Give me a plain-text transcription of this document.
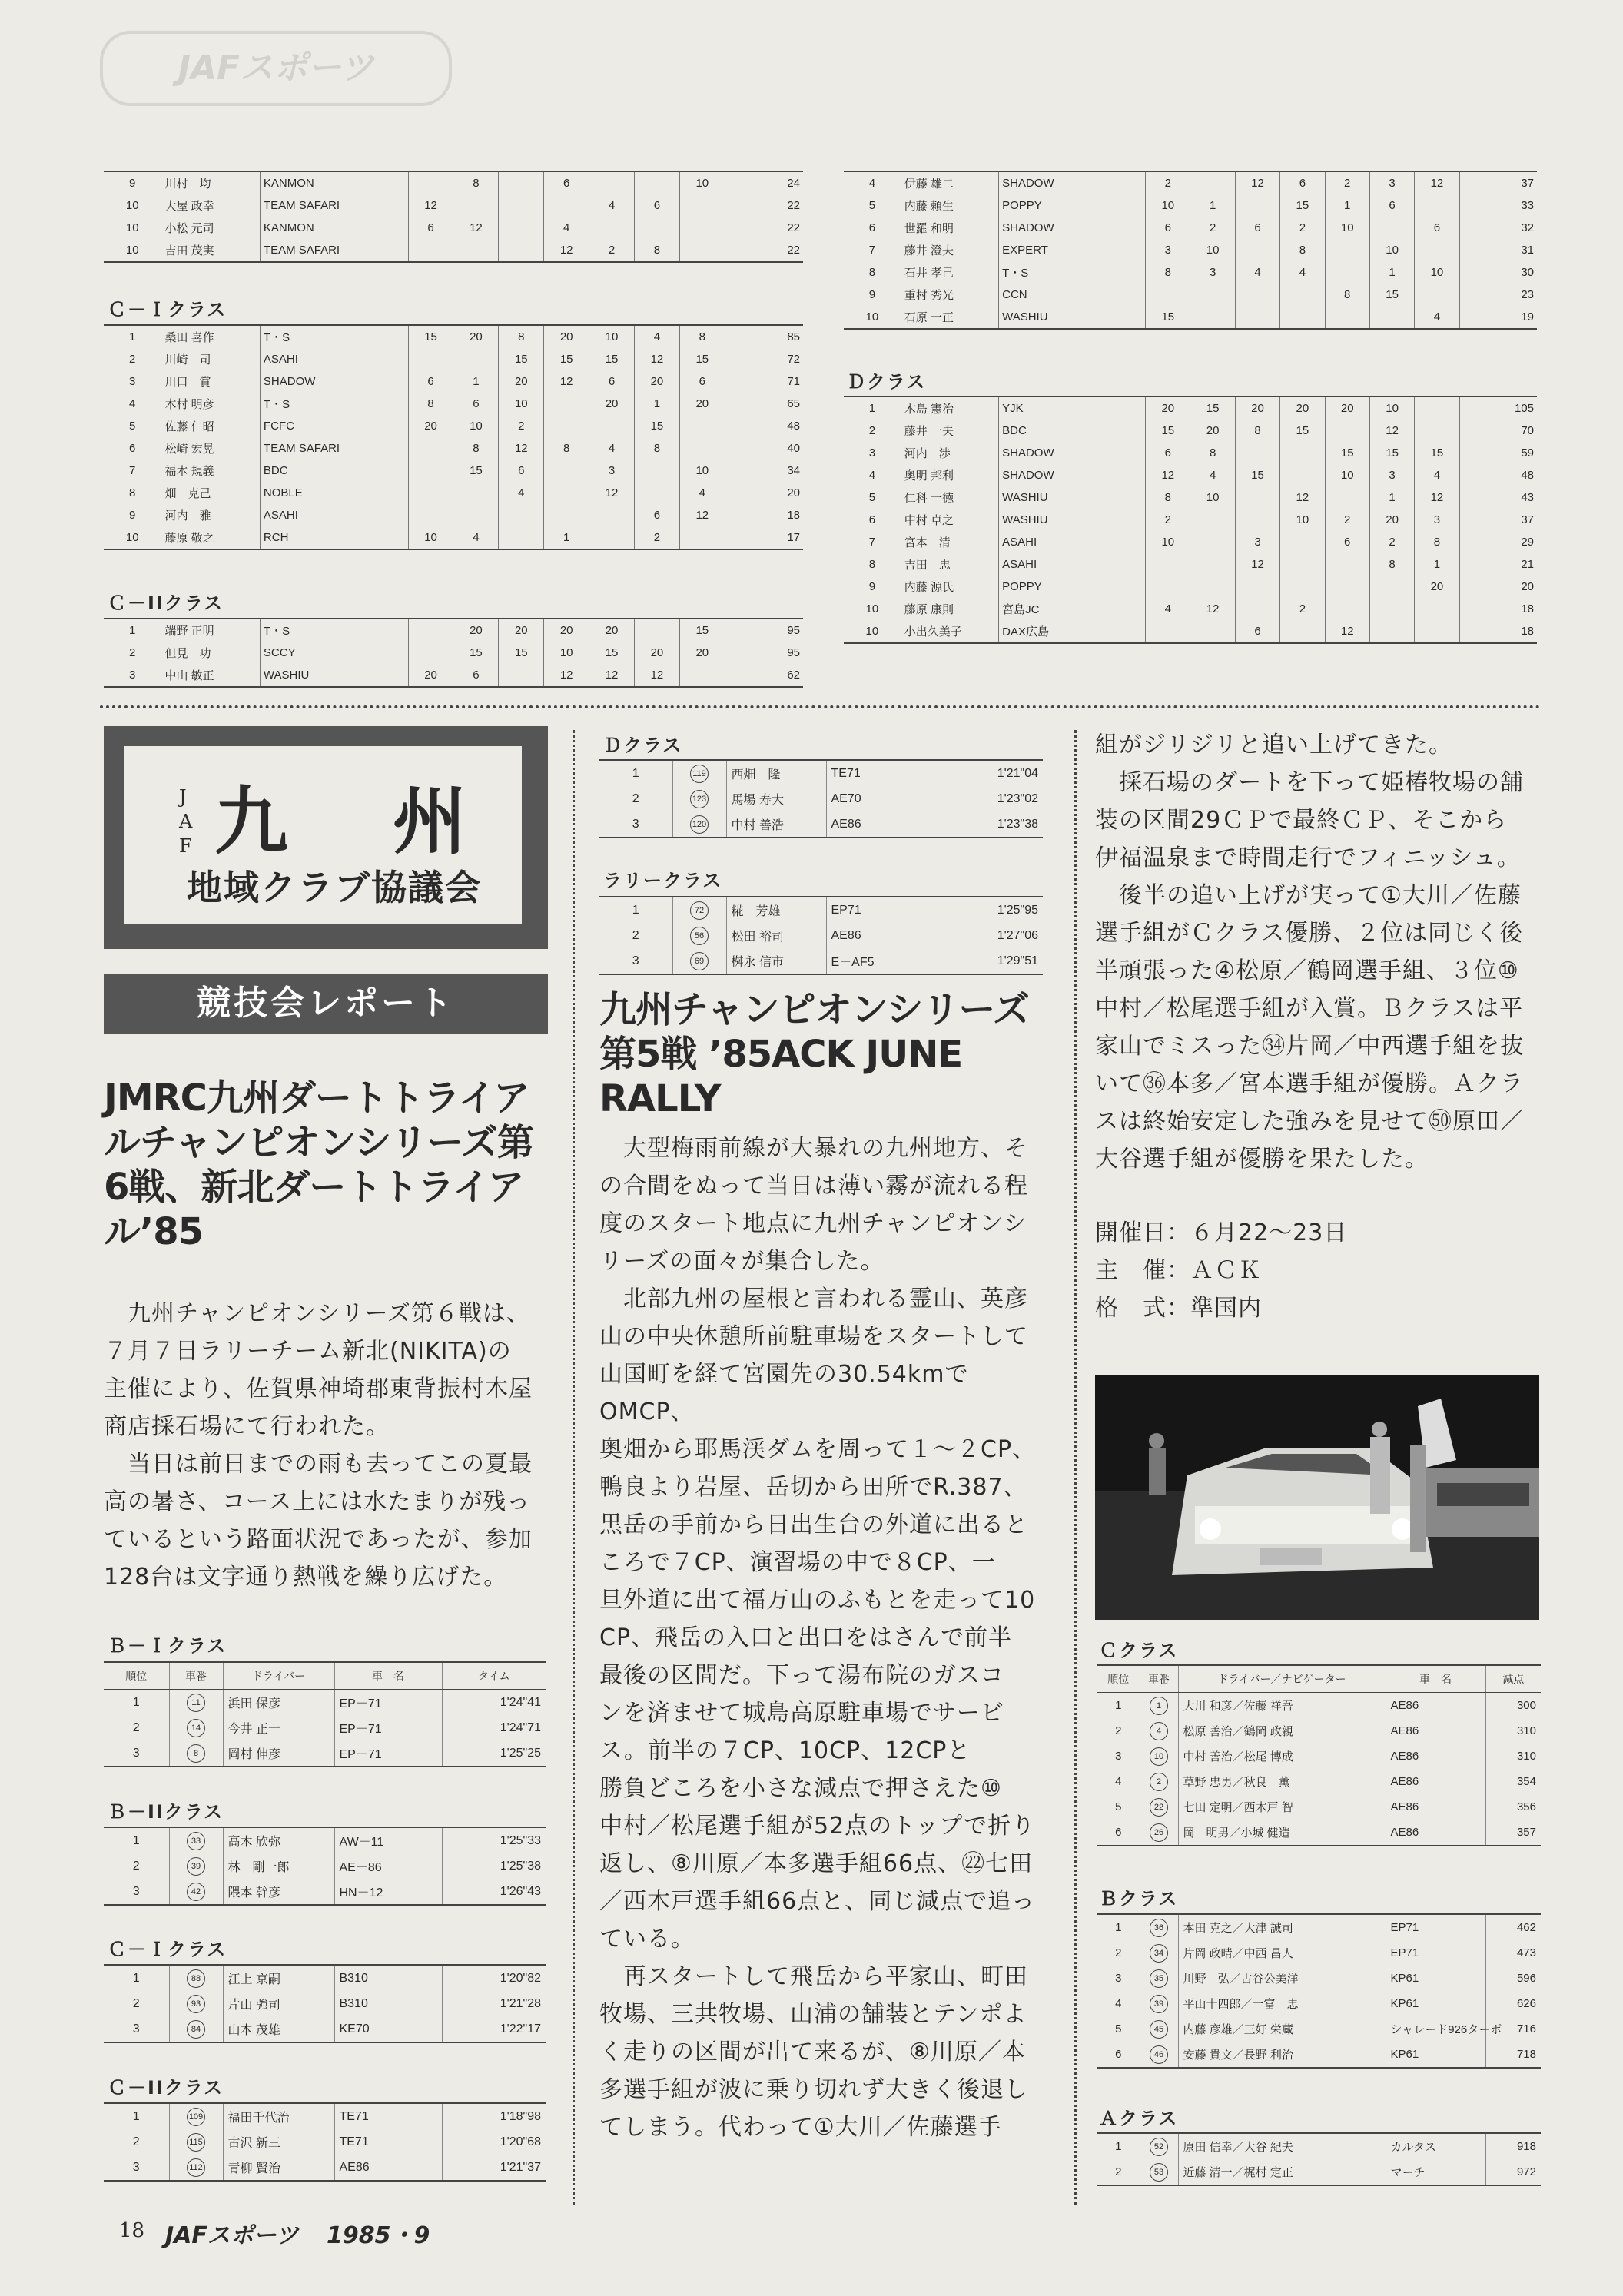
JAFスポーツ
9	川村　均	KANMON		8		6			10	24
10	大屋 政幸	TEAM SAFARI	12				4	6		22
10	小松 元司	KANMON	6	12		4				22
10	吉田 茂実	TEAM SAFARI				12	2	8		22
Ｃ－Ｉクラス
1	桑田 喜作	T・S	15	20	8	20	10	4	8	85
2	川崎　司	ASAHI			15	15	15	12	15	72
3	川口　賞	SHADOW	6	1	20	12	6	20	6	71
4	木村 明彦	T・S	8	6	10		20	1	20	65
5	佐藤 仁昭	FCFC	20	10	2			15		48
6	松崎 宏晃	TEAM SAFARI		8	12	8	4	8		40
7	福本 規義	BDC		15	6		3		10	34
8	畑　克己	NOBLE			4		12		4	20
9	河内　雅	ASAHI						6	12	18
10	藤原 敬之	RCH	10	4		1		2		17
Ｃ－IIクラス
1	端野 正明	T・S		20	20	20	20		15	95
2	但見　功	SCCY		15	15	10	15	20	20	95
3	中山 敏正	WASHIU	20	6		12	12	12		62
4	伊藤 雄二	SHADOW	2		12	6	2	3	12	37
5	内藤 頼生	POPPY	10	1		15	1	6		33
6	世羅 和明	SHADOW	6	2	6	2	10		6	32
7	藤井 澄夫	EXPERT	3	10		8		10		31
8	石井 孝己	T・S	8	3	4	4		1	10	30
9	重村 秀光	CCN					8	15		23
10	石原 一正	WASHIU	15						4	19
Ｄクラス
1	木島 憲治	YJK	20	15	20	20	20	10		105
2	藤井 一夫	BDC	15	20	8	15		12		70
3	河内　渉	SHADOW	6	8			15	15	15	59
4	奥明 邦利	SHADOW	12	4	15		10	3	4	48
5	仁科 一徳	WASHIU	8	10		12		1	12	43
6	中村 卓之	WASHIU	2			10	2	20	3	37
7	宮本　清	ASAHI	10		3		6	2	8	29
8	吉田　忠	ASAHI			12			8	1	21
9	内藤 源氏	POPPY							20	20
10	藤原 康則	宮島JC	4	12		2				18
10	小出久美子	DAX広島			6		12			18
JAF 九　州
地域クラブ協議会
競技会レポート
JMRC九州ダートトライアルチャンピオンシリーズ第6戦、新北ダートトライアル’85
　九州チャンピオンシリーズ第６戦は、
７月７日ラリーチーム新北(NIKITA)の
主催により、佐賀県神埼郡東背振村木屋
商店採石場にて行われた。
　当日は前日までの雨も去ってこの夏最
高の暑さ、コース上には水たまりが残っ
ているという路面状況であったが、参加
128台は文字通り熱戦を繰り広げた。
Ｂ－Ｉクラス
順位	車番	ドライバー	車　名	タイム
1	11	浜田 保彦	EP－71	1'24"41
2	14	今井 正一	EP－71	1'24"71
3	8	岡村 伸彦	EP－71	1'25"25
Ｂ－IIクラス
1	33	高木 欣弥	AW－11	1'25"33
2	39	林　剛一郎	AE－86	1'25"38
3	42	隈本 幹彦	HN－12	1'26"43
Ｃ－Ｉクラス
1	88	江上 京嗣	B310	1'20"82
2	93	片山 強司	B310	1'21"28
3	84	山本 茂雄	KE70	1'22"17
Ｃ－IIクラス
1	109	福田千代治	TE71	1'18"98
2	115	古沢 新三	TE71	1'20"68
3	112	青柳 賢治	AE86	1'21"37
Ｄクラス
1	119	西畑　隆	TE71	1'21"04
2	123	馬場 寿大	AE70	1'23"02
3	120	中村 善浩	AE86	1'23"38
ラリークラス
1	72	糀　芳雄	EP71	1'25"95
2	56	松田 裕司	AE86	1'27"06
3	69	桝永 信市	E－AF5	1'29"51
九州チャンピオンシリーズ第5戦 ’85ACK JUNE RALLY
　大型梅雨前線が大暴れの九州地方、そ
の合間をぬって当日は薄い霧が流れる程
度のスタート地点に九州チャンピオンシ
リーズの面々が集合した。
　北部九州の屋根と言われる霊山、英彦
山の中央休憩所前駐車場をスタートして
山国町を経て宮園先の30.54kmでOMCP、
奥畑から耶馬渓ダムを周って１～２CP、
鴨良より岩屋、岳切から田所でR.387、
黒岳の手前から日出生台の外道に出ると
ころで７CP、演習場の中で８CP、一
旦外道に出て福万山のふもとを走って10
CP、飛岳の入口と出口をはさんで前半
最後の区間だ。下って湯布院のガスコ
ンを済ませて城島高原駐車場でサービ
ス。前半の７CP、10CP、12CPと
勝負どころを小さな減点で押さえた⑩
中村／松尾選手組が52点のトップで折り
返し、⑧川原／本多選手組66点、㉒七田
／西木戸選手組66点と、同じ減点で追っ
ている。
　再スタートして飛岳から平家山、町田
牧場、三共牧場、山浦の舗装とテンポよ
く走りの区間が出て来るが、⑧川原／本
多選手組が波に乗り切れず大きく後退し
てしまう。代わって①大川／佐藤選手
組がジリジリと追い上げてきた。
　採石場のダートを下って姫椿牧場の舗
装の区間29ＣＰで最終ＣＰ、そこから
伊福温泉まで時間走行でフィニッシュ。
　後半の追い上げが実って①大川／佐藤
選手組がＣクラス優勝、２位は同じく後
半頑張った④松原／鶴岡選手組、３位⑩
中村／松尾選手組が入賞。Ｂクラスは平
家山でミスった㉞片岡／中西選手組を抜
いて㊱本多／宮本選手組が優勝。Ａクラ
スは終始安定した強みを見せて㊿原田／
大谷選手組が優勝を果たした。
開催日：６月22～23日
主　催：ＡＣＫ
格　式：準国内
Ｃクラス
順位	車番	ドライバー／ナビゲーター	車　名	減点
1	1	大川 和彦／佐藤 祥吾	AE86	300
2	4	松原 善治／鶴岡 政親	AE86	310
3	10	中村 善治／松尾 博成	AE86	310
4	2	草野 忠男／秋良　薫	AE86	354
5	22	七田 定明／西木戸 智	AE86	356
6	26	岡　明男／小城 健造	AE86	357
Ｂクラス
1	36	本田 克之／大津 誠司	EP71	462
2	34	片岡 政晴／中西 昌人	EP71	473
3	35	川野　弘／古谷公美洋	KP61	596
4	39	平山十四郎／一富　忠	KP61	626
5	45	内藤 彦雄／三好 栄蔵	シャレード926ターボ	716
6	46	安藤 貴文／長野 利治	KP61	718
Ａクラス
1	52	原田 信幸／大谷 紀夫	カルタス	918
2	53	近藤 清一／梶村 定正	マーチ	972
18 JAFスポーツ 1985・9
